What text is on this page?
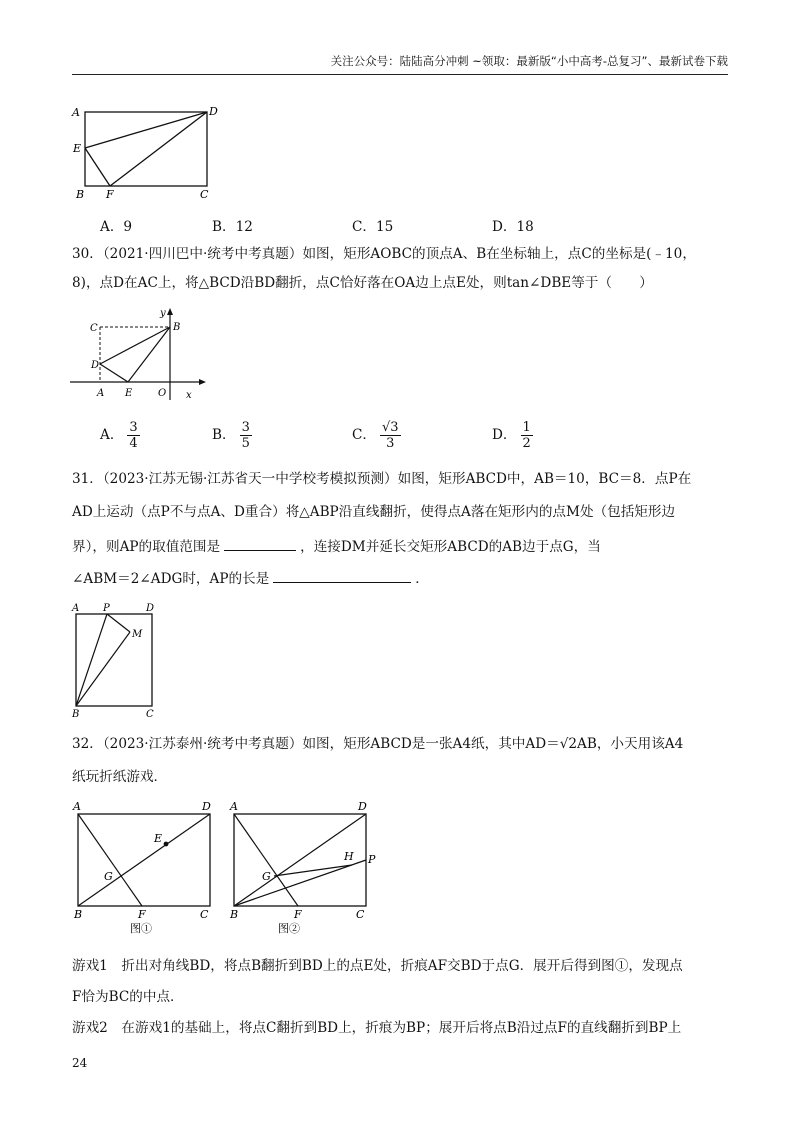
关注公众号：陆陆高分冲刺 ~领取：最新版“小中高考-总复习”、最新试卷下载
A	D
E
B F	C
A．9	B．12	C．15	D．18
30．（2021·四川巴中·统考中考真题）如图，矩形AOBC的顶点A、B在坐标轴上，点C的坐标是(﹣10，
8)，点D在AC上，将△BCD沿BD翻折，点C恰好落在OA边上点E处，则tan∠DBE等于（　　）
C	B
y
D
A E	O x
A． $\frac{3}{4}$	B． $\frac{3}{5}$	C． $\frac{√3}{3}$	D． $\frac{1}{2}$
31．（2023·江苏无锡·江苏省天一中学校考模拟预测）如图，矩形ABCD中，AB＝10，BC＝8．点P在
AD上运动（点P不与点A、D重合）将△ABP沿直线翻折，使得点A落在矩形内的点M处（包括矩形边
界），则AP的取值范围是	，连接DM并延长交矩形ABCD的AB边于点G，当
∠ABM＝2∠ADG时，AP的长是	．
A P	D
M
B	C
32．（2023·江苏泰州·统考中考真题）如图，矩形ABCD是一张A4纸，其中AD＝√2AB，小天用该A4
纸玩折纸游戏．
A	D
E
G
B	F	C
图①
A	D
H P
G
B	F	C
图②
游戏1　折出对角线BD，将点B翻折到BD上的点E处，折痕AF交BD于点G．展开后得到图①，发现点
F恰为BC的中点．
游戏2　在游戏1的基础上，将点C翻折到BD上，折痕为BP；展开后将点B沿过点F的直线翻折到BP上
24
